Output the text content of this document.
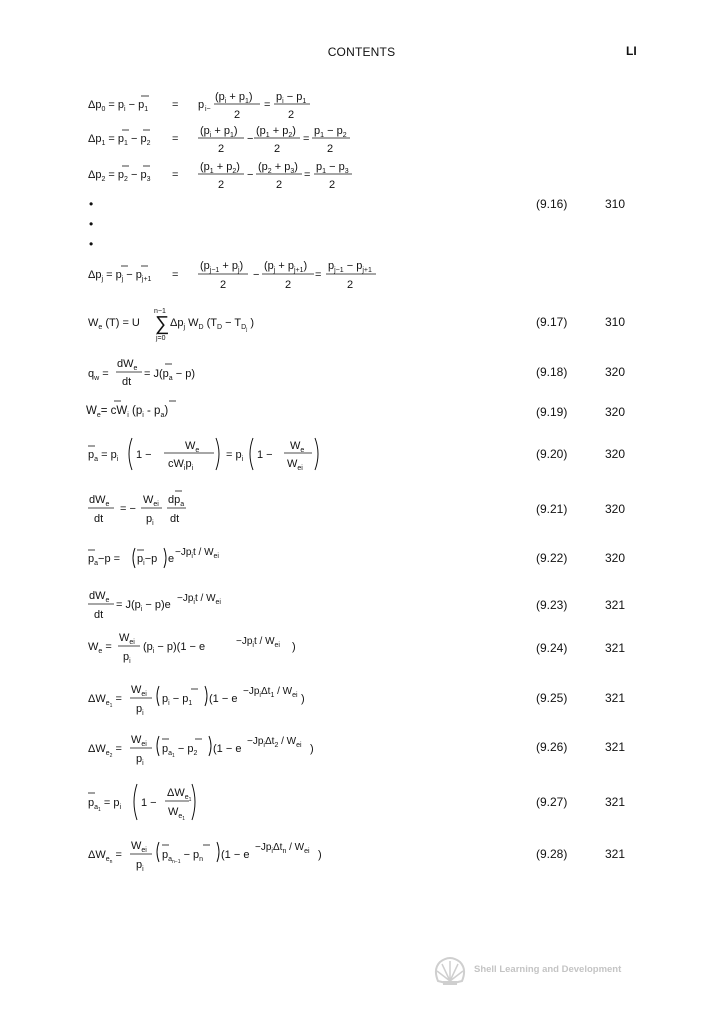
CONTENTS	LI
$\Delta p_0 = p_i - p_1 = p$ i−
$(p_i + p_1)$
2
=
$p_i - p_1$
2
$\Delta p_1 = p_1 - p_2$ =
$(p_i + p_1)$
2
−
$(p_1 + p_2)$
2
=
$p_1 - p_2$
2
$\Delta p_2 = p_2 - p_3$ =
$(p_1 + p_2)$
2
−
$(p_2 + p_3)$
2
=
$p_1 - p_3$
2
•
•
•
(9.16)	310
$\Delta p_j = p_j - p_{j+1}$ =
$(p_{j-1} + p_j)$
2
−
$(p_j + p_{j+1})$
2
=
$p_{j-1} - p_{j+1}$
2
$W_e$ (T) = U ∑
n−1
j=0
$\Delta p_j$ $W_D$ ($T_D - T_Dj$ )	(9.17)	310
$q_w$ =
$dW_e$
dt
= $J(p_a - p)$	(9.18)	320
$W_e= cW_i$ $(p_i - p_a)$	(9.19)	320
$p_a = p_i$ 1 −
$W_e$
$cW_ip_i$
= $p_i$ 1 −
$W_e$
$W_{ei}$
(9.20)	320
$dW_e$
dt
= −
$W_{ei}$
$p_i$
$dp_a$
dt
(9.21)	320
$p_a-p = p_i-p$ e
$-Jp_it / W_{ei}$	(9.22)	320
$dW_e$
dt
= $J(p_i - p)e$
$-Jp_it / W_{ei}$	(9.23)	321
$W_e$ =
$W_{ei}$
$p_i$
$(p_i - p)(1 - e$	$-Jp_it / W_{ei}$ )	(9.24)	321
$\Delta W_e1$ =
$W_{ei}$
$p_i$
$p_i - p_1$ (1 − e
$-Jp_i\Delta t_1 / W_{ei}$ )	(9.25)	321
$\Delta W_e2$ =
$W_{ei}$
$p_i$
$p_a1 - p_2$ (1 − e
$-Jp_i\Delta t_2 / W_{ei}$ )	(9.26)	321
$p_a1 = p_i$ 1 −
$\Delta W_e1$
$W_e1$
(9.27)	321
$\Delta W_en$ =
$W_{ei}$
$p_i$
$p_an-1 - p_n$ (1 − e
$-Jp_i\Delta t_n / W_{ei}$ )	(9.28)	321
Shell Learning and Development
